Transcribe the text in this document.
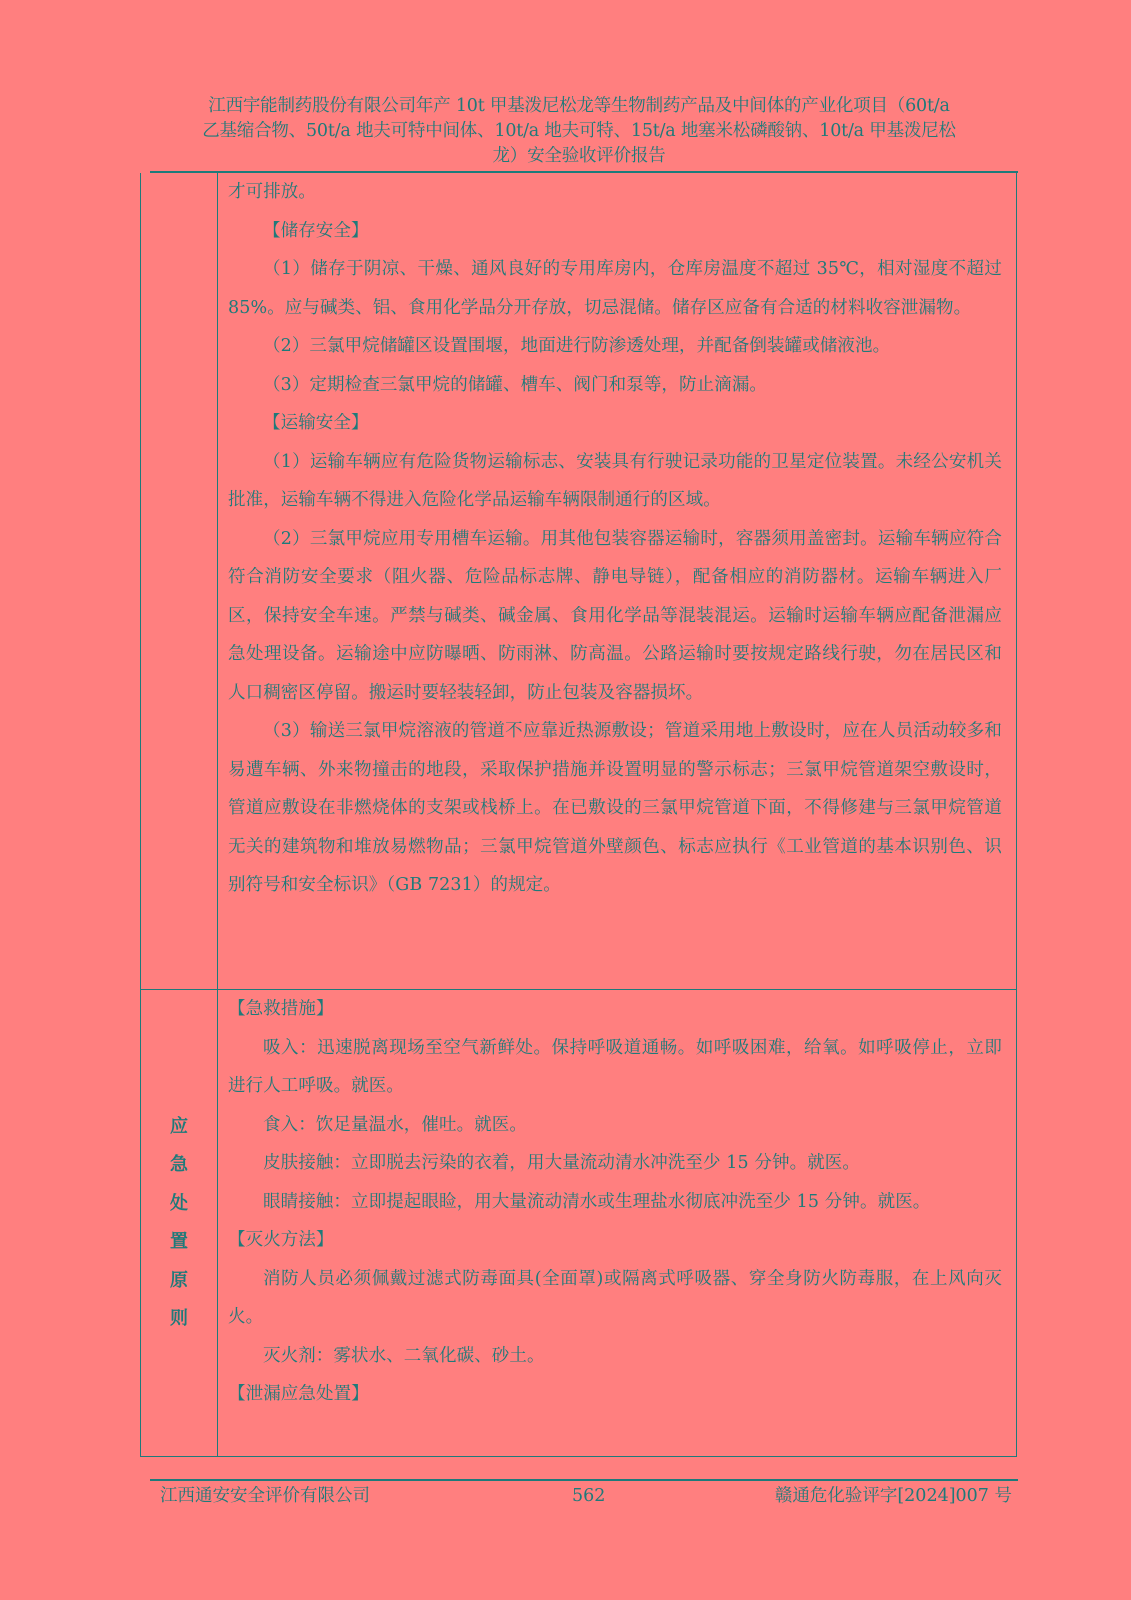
江西宇能制药股份有限公司年产 10t 甲基泼尼松龙等生物制药产品及中间体的产业化项目（60t/a
乙基缩合物、50t/a 地夫可特中间体、10t/a 地夫可特、15t/a 地塞米松磷酸钠、10t/a 甲基泼尼松
龙）安全验收评价报告

才可排放。

【储存安全】

（1）储存于阴凉、干燥、通风良好的专用库房内，仓库房温度不超过 35℃，相对湿度不超过 85%。应与碱类、铝、食用化学品分开存放，切忌混储。储存区应备有合适的材料收容泄漏物。

（2）三氯甲烷储罐区设置围堰，地面进行防渗透处理，并配备倒装罐或储液池。

（3）定期检查三氯甲烷的储罐、槽车、阀门和泵等，防止滴漏。

【运输安全】

（1）运输车辆应有危险货物运输标志、安装具有行驶记录功能的卫星定位装置。未经公安机关批准，运输车辆不得进入危险化学品运输车辆限制通行的区域。

（2）三氯甲烷应用专用槽车运输。用其他包装容器运输时，容器须用盖密封。运输车辆应符合符合消防安全要求（阻火器、危险品标志牌、静电导链），配备相应的消防器材。运输车辆进入厂区，保持安全车速。严禁与碱类、碱金属、食用化学品等混装混运。运输时运输车辆应配备泄漏应急处理设备。运输途中应防曝晒、防雨淋、防高温。公路运输时要按规定路线行驶，勿在居民区和人口稠密区停留。搬运时要轻装轻卸，防止包装及容器损坏。

（3）输送三氯甲烷溶液的管道不应靠近热源敷设；管道采用地上敷设时，应在人员活动较多和易遭车辆、外来物撞击的地段，采取保护措施并设置明显的警示标志；三氯甲烷管道架空敷设时，管道应敷设在非燃烧体的支架或栈桥上。在已敷设的三氯甲烷管道下面，不得修建与三氯甲烷管道无关的建筑物和堆放易燃物品；三氯甲烷管道外壁颜色、标志应执行《工业管道的基本识别色、识别符号和安全标识》（GB 7231）的规定。

应
急
处
置
原
则

【急救措施】

吸入：迅速脱离现场至空气新鲜处。保持呼吸道通畅。如呼吸困难，给氧。如呼吸停止，立即进行人工呼吸。就医。

食入：饮足量温水，催吐。就医。

皮肤接触：立即脱去污染的衣着，用大量流动清水冲洗至少 15 分钟。就医。

眼睛接触：立即提起眼睑，用大量流动清水或生理盐水彻底冲洗至少 15 分钟。就医。

【灭火方法】

消防人员必须佩戴过滤式防毒面具(全面罩)或隔离式呼吸器、穿全身防火防毒服，在上风向灭火。

灭火剂：雾状水、二氧化碳、砂土。

【泄漏应急处置】

江西通安安全评价有限公司	562	赣通危化验评字[2024]007 号
